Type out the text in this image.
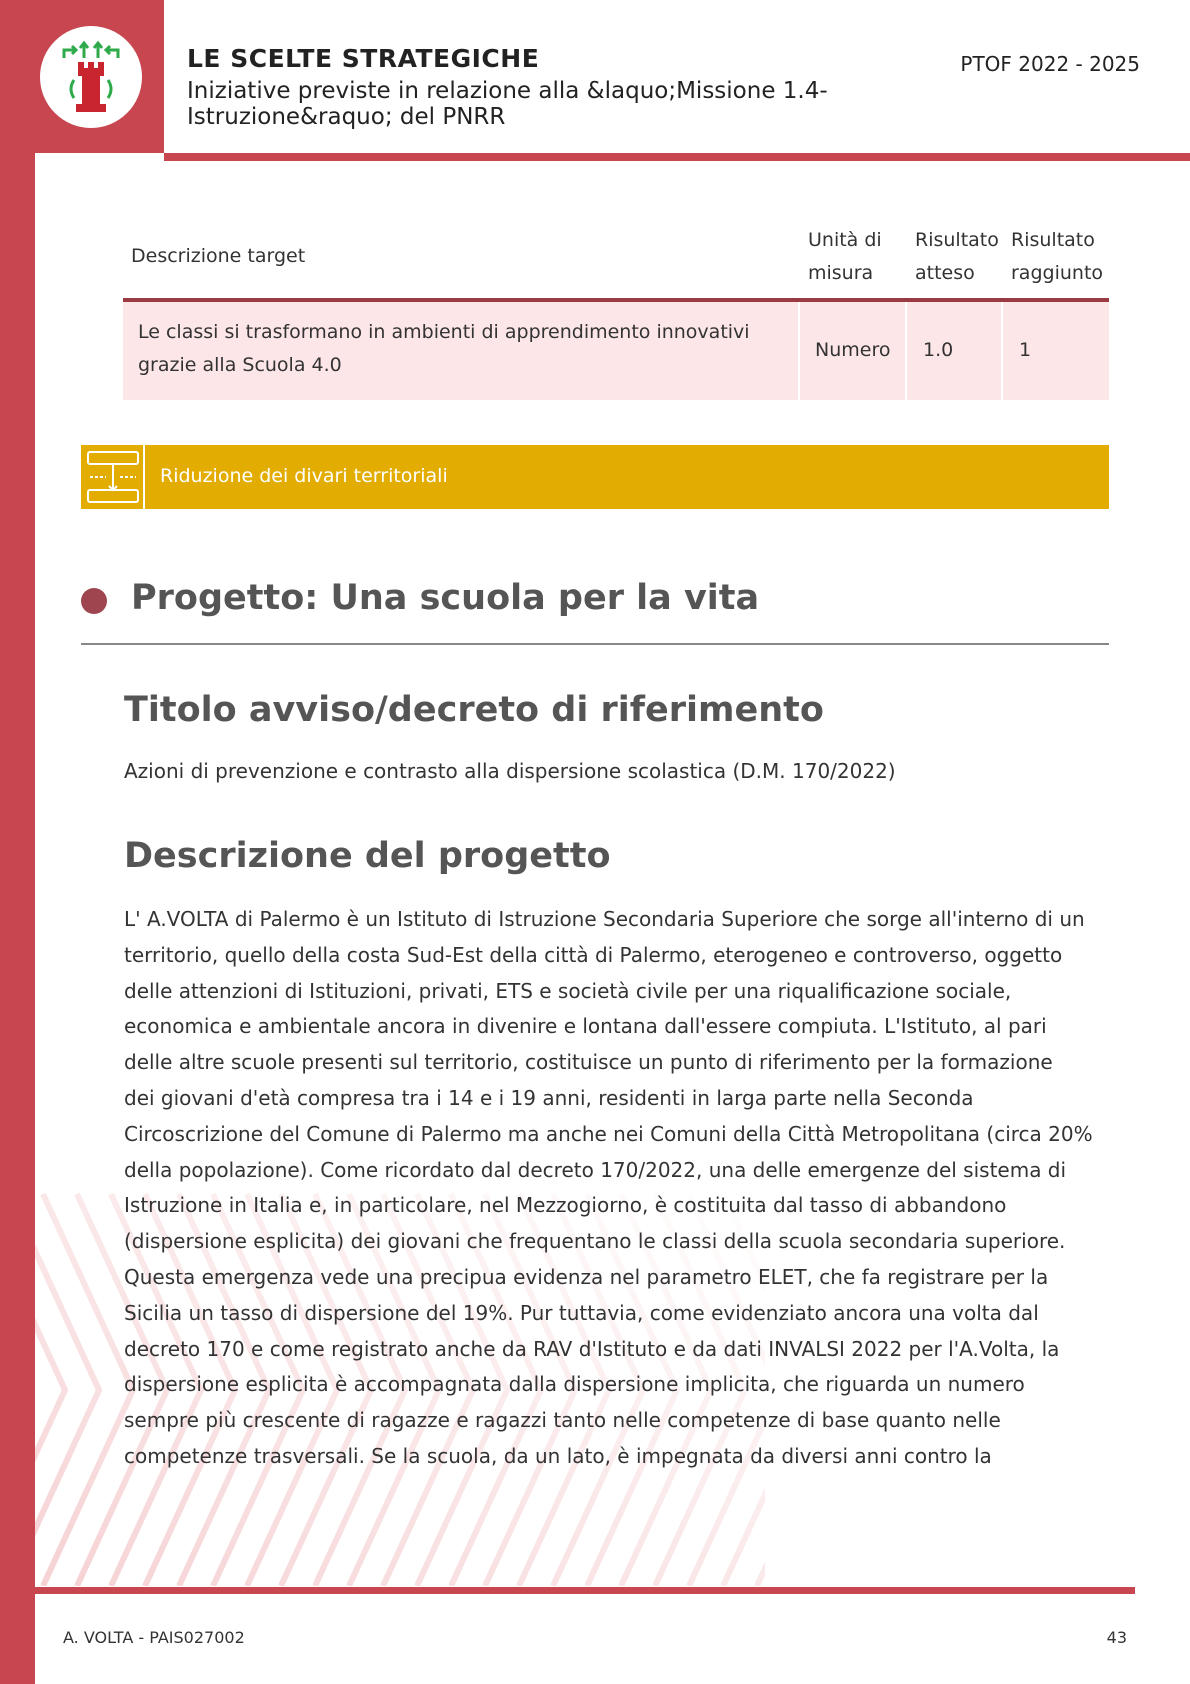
LE SCELTE STRATEGICHE
Iniziative previste in relazione alla &laquo;Missione 1.4-Istruzione&raquo; del PNRR
PTOF 2022 - 2025
Descrizione target
Unità di misura
Risultato atteso
Risultato raggiunto
Le classi si trasformano in ambienti di apprendimento innovativi grazie alla Scuola 4.0
Numero 1.0	1
Riduzione dei divari territoriali
Progetto: Una scuola per la vita
Titolo avviso/decreto di riferimento
Azioni di prevenzione e contrasto alla dispersione scolastica (D.M. 170/2022)
Descrizione del progetto
L' A.VOLTA di Palermo è un Istituto di Istruzione Secondaria Superiore che sorge all'interno di un
territorio, quello della costa Sud-Est della città di Palermo, eterogeneo e controverso, oggetto
delle attenzioni di Istituzioni, privati, ETS e società civile per una riqualificazione sociale,
economica e ambientale ancora in divenire e lontana dall'essere compiuta. L'Istituto, al pari
delle altre scuole presenti sul territorio, costituisce un punto di riferimento per la formazione
dei giovani d'età compresa tra i 14 e i 19 anni, residenti in larga parte nella Seconda
Circoscrizione del Comune di Palermo ma anche nei Comuni della Città Metropolitana (circa 20%
della popolazione). Come ricordato dal decreto 170/2022, una delle emergenze del sistema di
Istruzione in Italia e, in particolare, nel Mezzogiorno, è costituita dal tasso di abbandono
(dispersione esplicita) dei giovani che frequentano le classi della scuola secondaria superiore.
Questa emergenza vede una precipua evidenza nel parametro ELET, che fa registrare per la
Sicilia un tasso di dispersione del 19%. Pur tuttavia, come evidenziato ancora una volta dal
decreto 170 e come registrato anche da RAV d'Istituto e da dati INVALSI 2022 per l'A.Volta, la
dispersione esplicita è accompagnata dalla dispersione implicita, che riguarda un numero
sempre più crescente di ragazze e ragazzi tanto nelle competenze di base quanto nelle
competenze trasversali. Se la scuola, da un lato, è impegnata da diversi anni contro la
A. VOLTA - PAIS027002	43
